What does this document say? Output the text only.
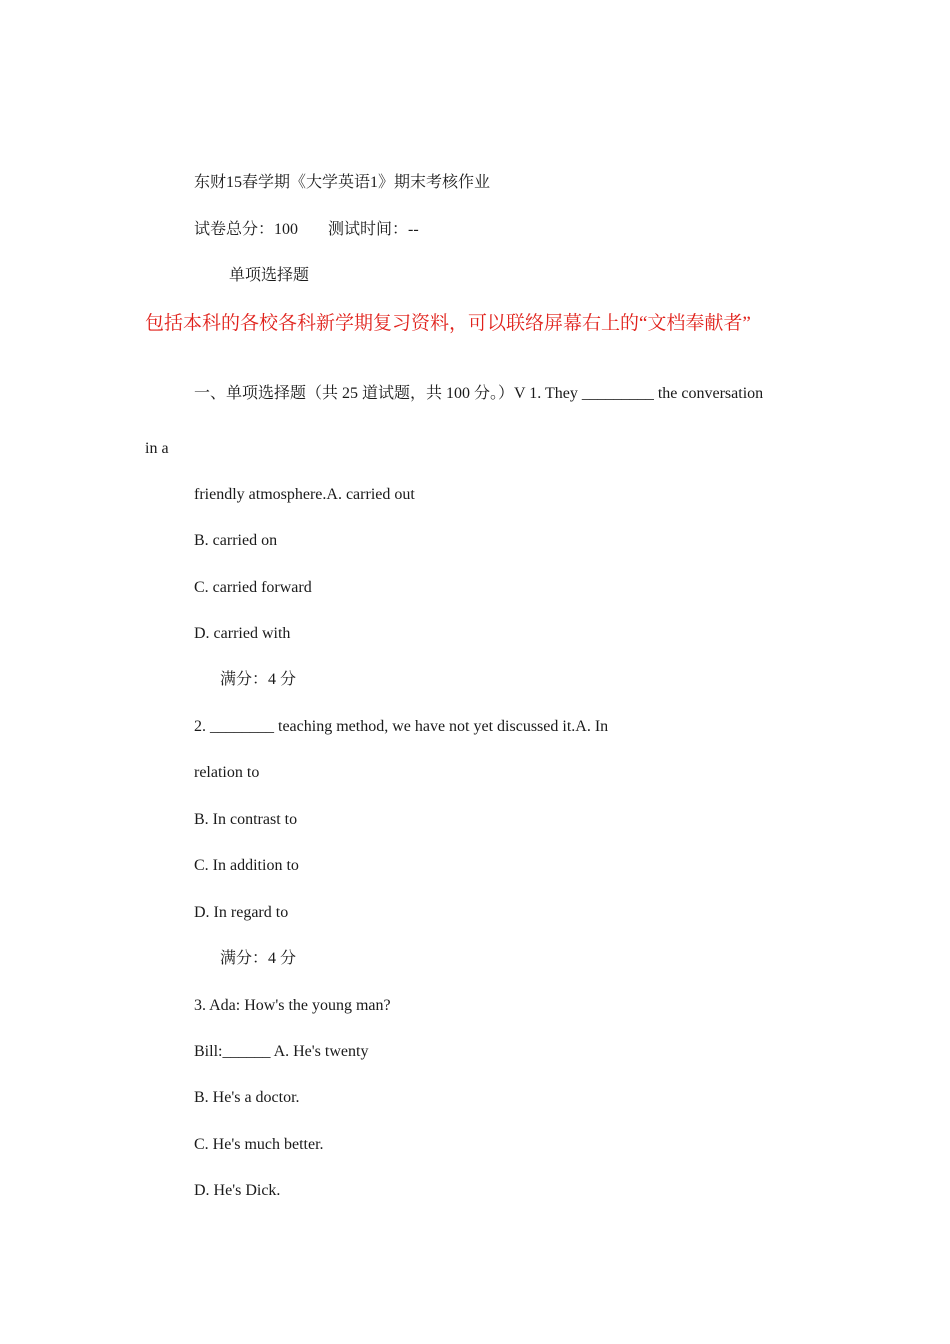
东财15春学期《大学英语1》期末考核作业
试卷总分：100 测试时间：--
单项选择题
包括本科的各校各科新学期复习资料，可以联络屏幕右上的“文档奉献者”
一、单项选择题（共 25 道试题，共 100 分。）V 1. They _________ the conversation
in a
friendly atmosphere.A. carried out
B. carried on
C. carried forward
D. carried with
满分：4 分
2. ________ teaching method, we have not yet discussed it.A. In
relation to
B. In contrast to
C. In addition to
D. In regard to
满分：4 分
3. Ada: How's the young man?
Bill:______ A. He's twenty
B. He's a doctor.
C. He's much better.
D. He's Dick.
